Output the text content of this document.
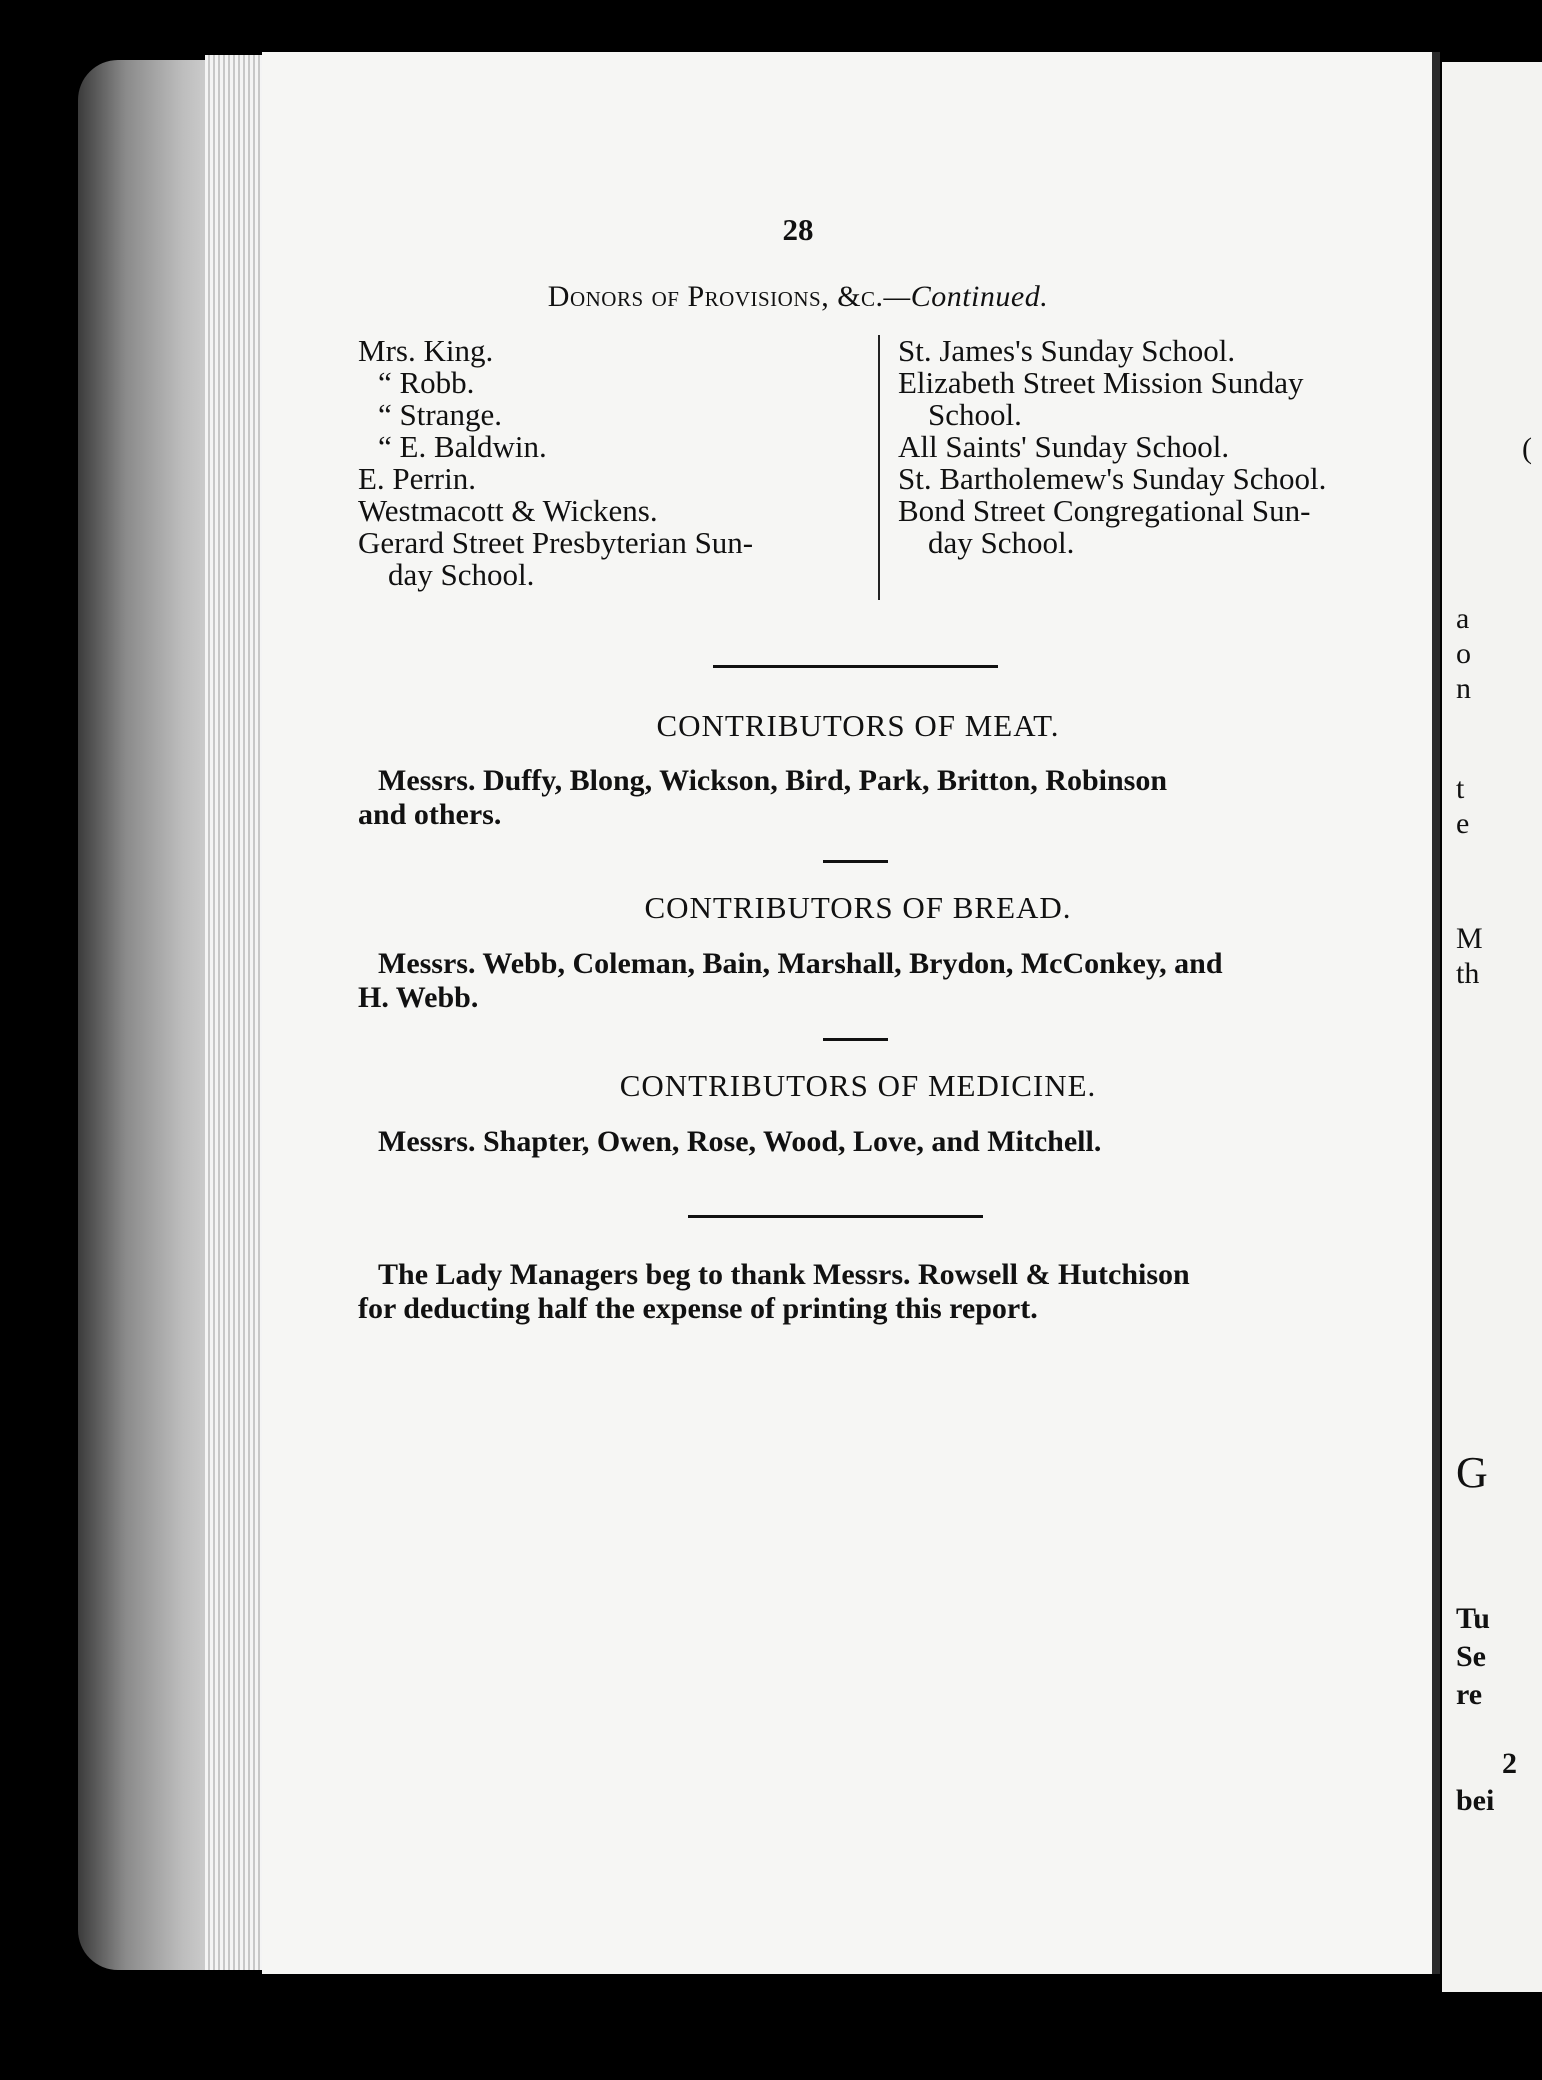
28
Donors of Provisions, &c.—Continued.
Mrs. King.
“ Robb.
“ Strange.
“ E. Baldwin.
E. Perrin.
Westmacott & Wickens.
Gerard Street Presbyterian Sun-
day School.
St. James's Sunday School.
Elizabeth Street Mission Sunday
School.
All Saints' Sunday School.
St. Bartholemew's Sunday School.
Bond Street Congregational Sun-
day School.
CONTRIBUTORS OF MEAT.
Messrs. Duffy, Blong, Wickson, Bird, Park, Britton, Robinson
and others.
CONTRIBUTORS OF BREAD.
Messrs. Webb, Coleman, Bain, Marshall, Brydon, McConkey, and
H. Webb.
CONTRIBUTORS OF MEDICINE.
Messrs. Shapter, Owen, Rose, Wood, Love, and Mitchell.
The Lady Managers beg to thank Messrs. Rowsell & Hutchison
for deducting half the expense of printing this report.
(
a
o
n
t
e
M
th
G
Tu
Se
re
2
bei
